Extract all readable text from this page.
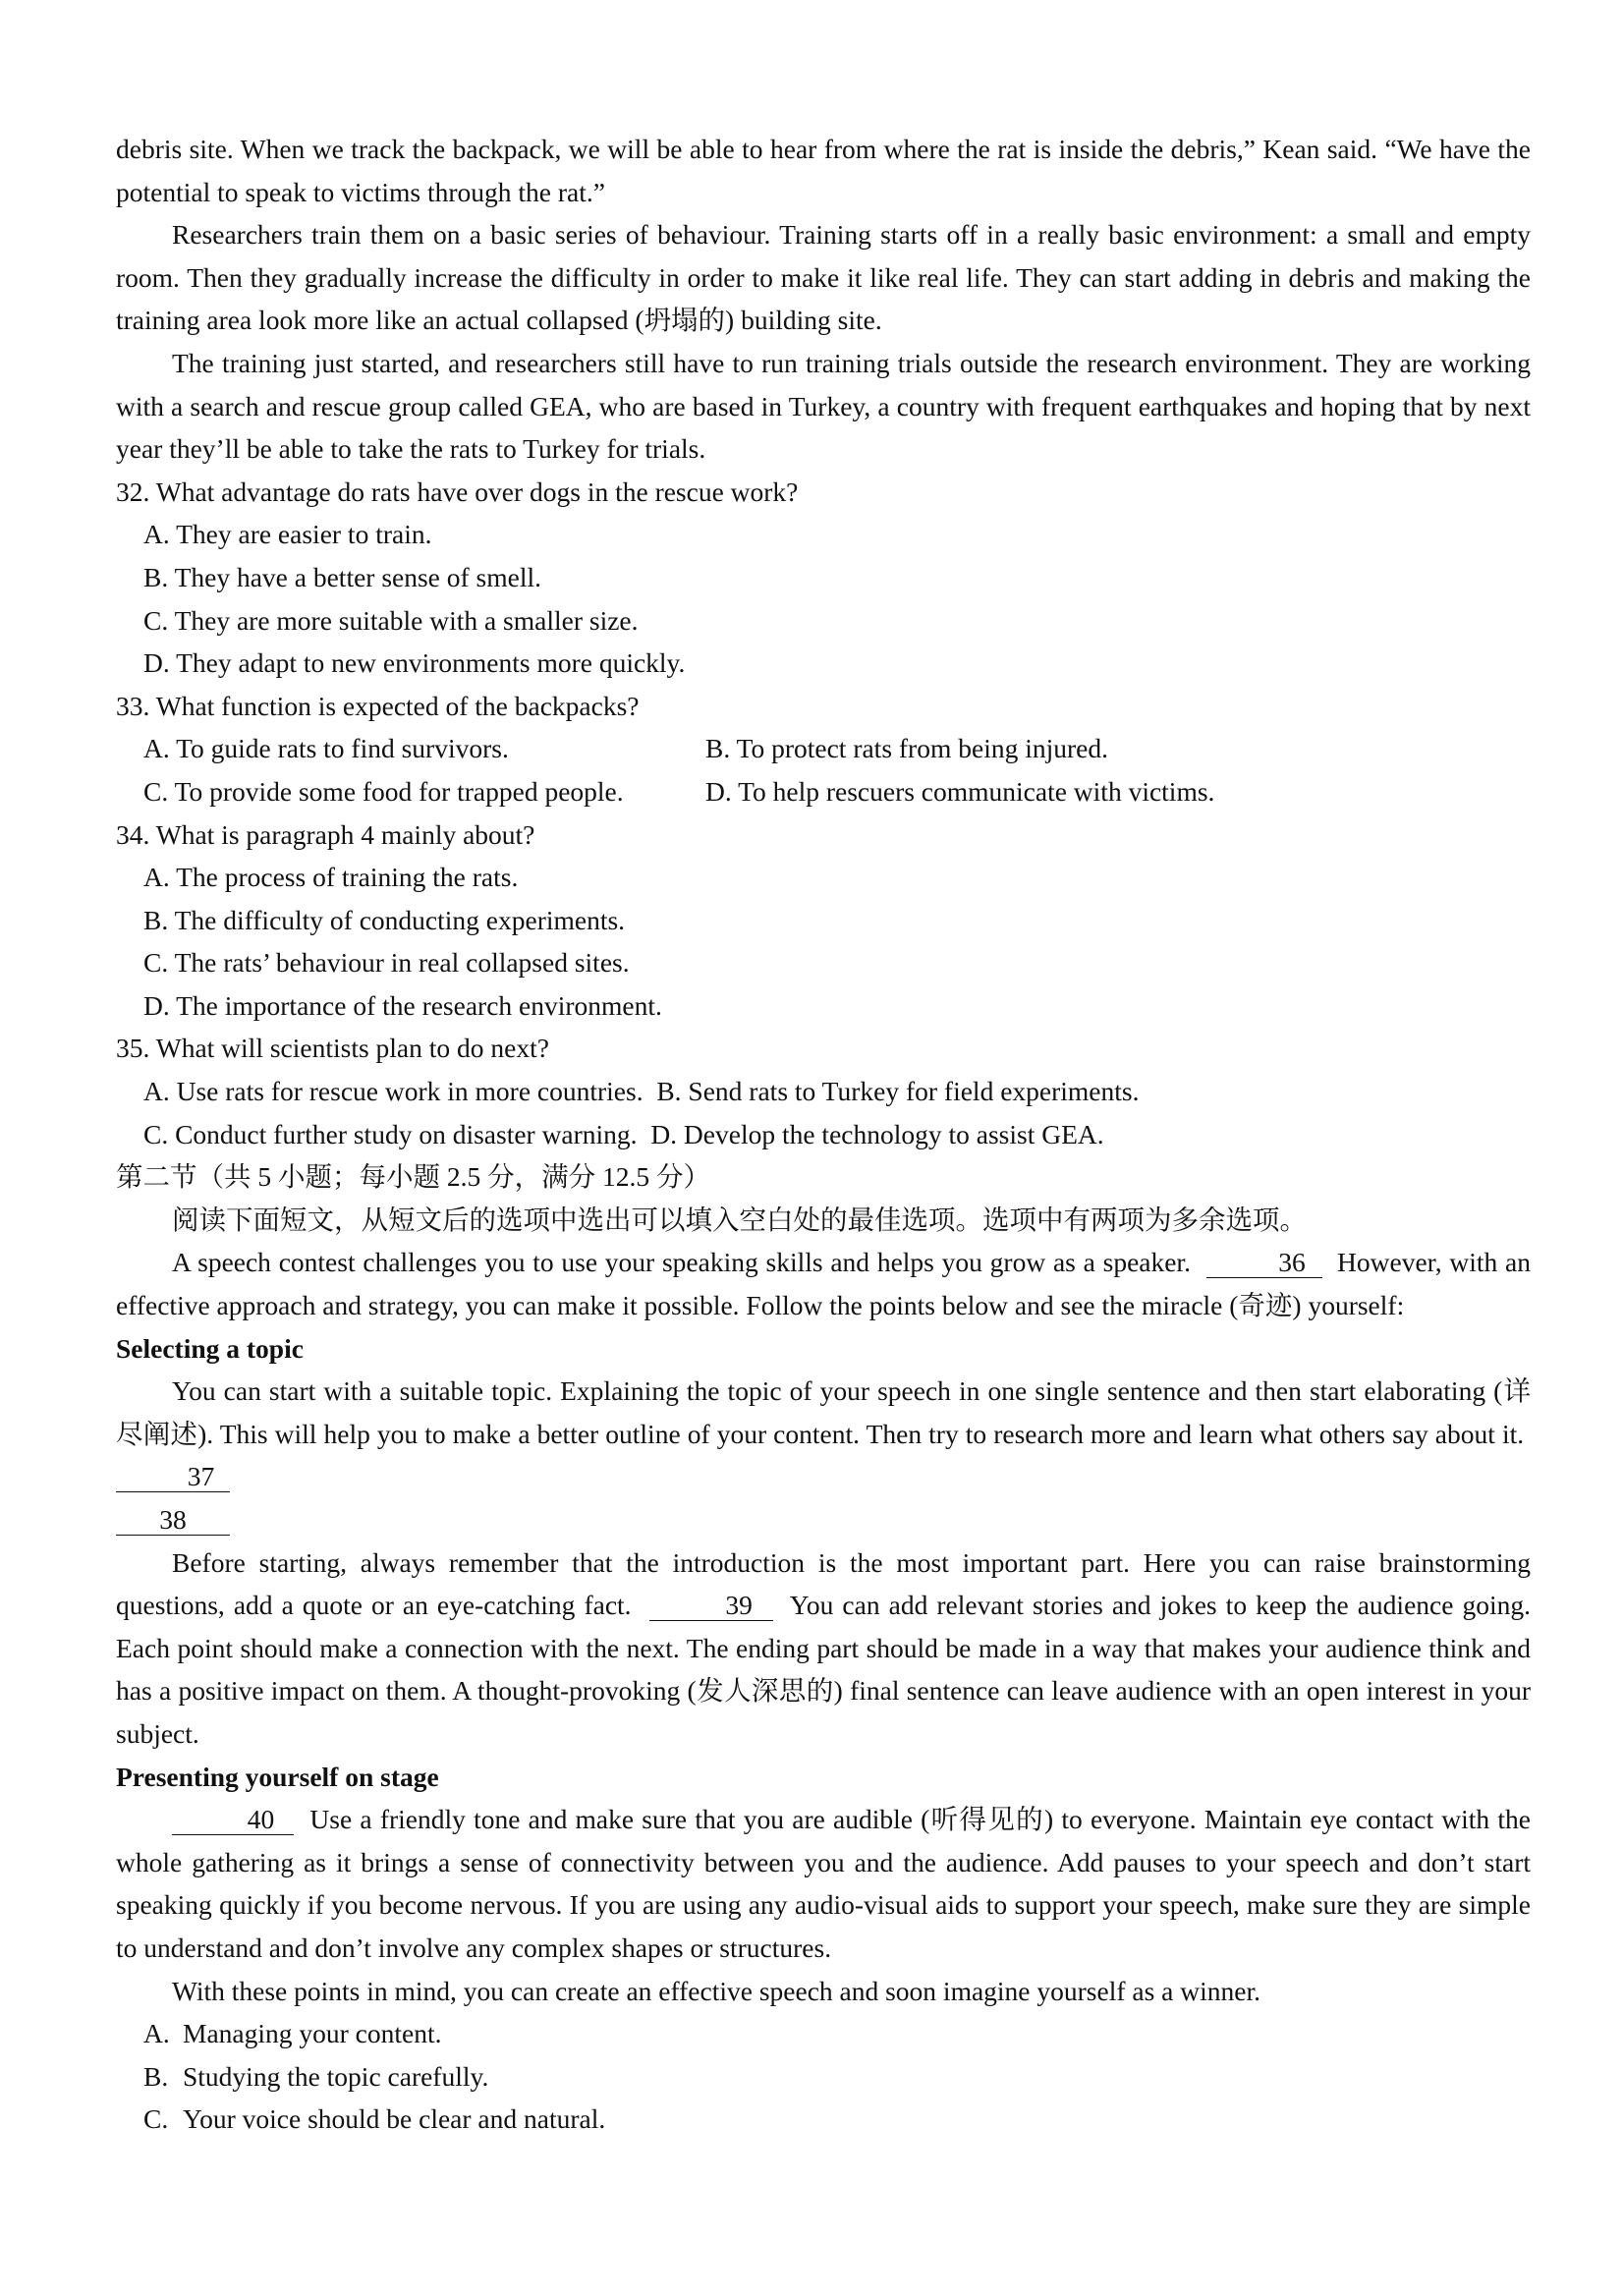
debris site. When we track the backpack, we will be able to hear from where the rat is inside the debris,” Kean said. “We have the potential to speak to victims through the rat.”

Researchers train them on a basic series of behaviour. Training starts off in a really basic environment: a small and empty room. Then they gradually increase the difficulty in order to make it like real life. They can start adding in debris and making the training area look more like an actual collapsed (坍塌的) building site.

The training just started, and researchers still have to run training trials outside the research environment. They are working with a search and rescue group called GEA, who are based in Turkey, a country with frequent earthquakes and hoping that by next year they’ll be able to take the rats to Turkey for trials.

32. What advantage do rats have over dogs in the rescue work?

A. They are easier to train.

B. They have a better sense of smell.

C. They are more suitable with a smaller size.

D. They adapt to new environments more quickly.

33. What function is expected of the backpacks?

A. To guide rats to find survivors.	B. To protect rats from being injured.
C. To provide some food for trapped people.	D. To help rescuers communicate with victims.

34. What is paragraph 4 mainly about?

A. The process of training the rats.

B. The difficulty of conducting experiments.

C. The rats’ behaviour in real collapsed sites.

D. The importance of the research environment.

35. What will scientists plan to do next?

A. Use rats for rescue work in more countries. B. Send rats to Turkey for field experiments.

C. Conduct further study on disaster warning. D. Develop the technology to assist GEA.

第二节（共 5 小题；每小题 2.5 分，满分 12.5 分）

阅读下面短文，从短文后的选项中选出可以填入空白处的最佳选项。选项中有两项为多余选项。

A speech contest challenges you to use your speaking skills and helps you grow as a speaker.	36 However, with an effective approach and strategy, you can make it possible. Follow the points below and see the miracle (奇迹) yourself:

Selecting a topic

You can start with a suitable topic. Explaining the topic of your speech in one single sentence and then start elaborating (详尽阐述). This will help you to make a better outline of your content. Then try to research more and learn what others say about it.  37

38

Before starting, always remember that the introduction is the most important part. Here you can raise brainstorming questions, add a quote or an eye-catching fact.	39 You can add relevant stories and jokes to keep the audience going. Each point should make a connection with the next. The ending part should be made in a way that makes your audience think and has a positive impact on them. A thought-provoking (发人深思的) final sentence can leave audience with an open interest in your subject.

Presenting yourself on stage

40 Use a friendly tone and make sure that you are audible (听得见的) to everyone. Maintain eye contact with the whole gathering as it brings a sense of connectivity between you and the audience. Add pauses to your speech and don’t start speaking quickly if you become nervous. If you are using any audio-visual aids to support your speech, make sure they are simple to understand and don’t involve any complex shapes or structures.

With these points in mind, you can create an effective speech and soon imagine yourself as a winner.

A. Managing your content.

B. Studying the topic carefully.

C. Your voice should be clear and natural.
